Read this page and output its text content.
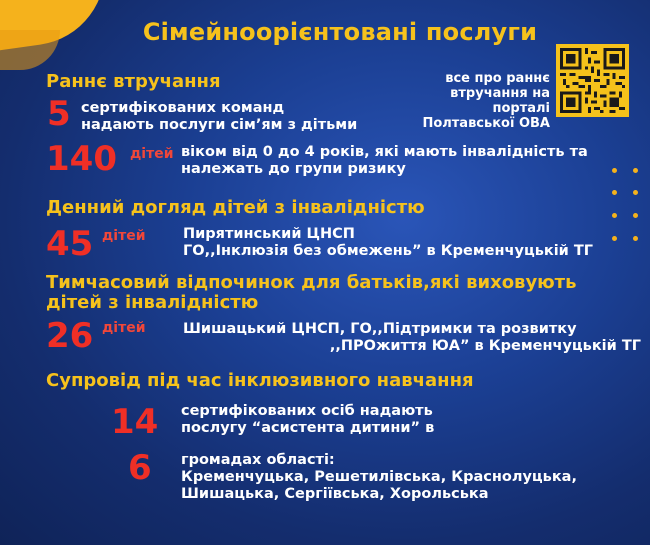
Сімейноорієнтовані послуги
Раннє втручання
5 сертифікованих команд
надають послуги сім’ям з дітьми
140 дітей віком від 0 до 4 років, які мають інвалідність та
належать до групи ризику
все про раннє
втручання на порталі
Полтавської ОВА
Денний догляд дітей з інвалідністю
45 дітей	Пирятинський ЦНСП
ГО,,Інклюзія без обмежень” в Кременчуцькій ТГ
Тимчасовий відпочинок для батьків,які виховують
дітей з інвалідністю
26 дітей	Шишацький ЦНСП, ГО,,Підтримки та розвитку
,,ПРОжиття ЮА” в Кременчуцькій ТГ
Супровід під час інклюзивного навчання
14 сертифікованих осіб надають
послугу “асистента дитини” в
6 громадах області:
Кременчуцька, Решетилівська, Краснолуцька,
Шишацька, Сергіївська, Хорольська
